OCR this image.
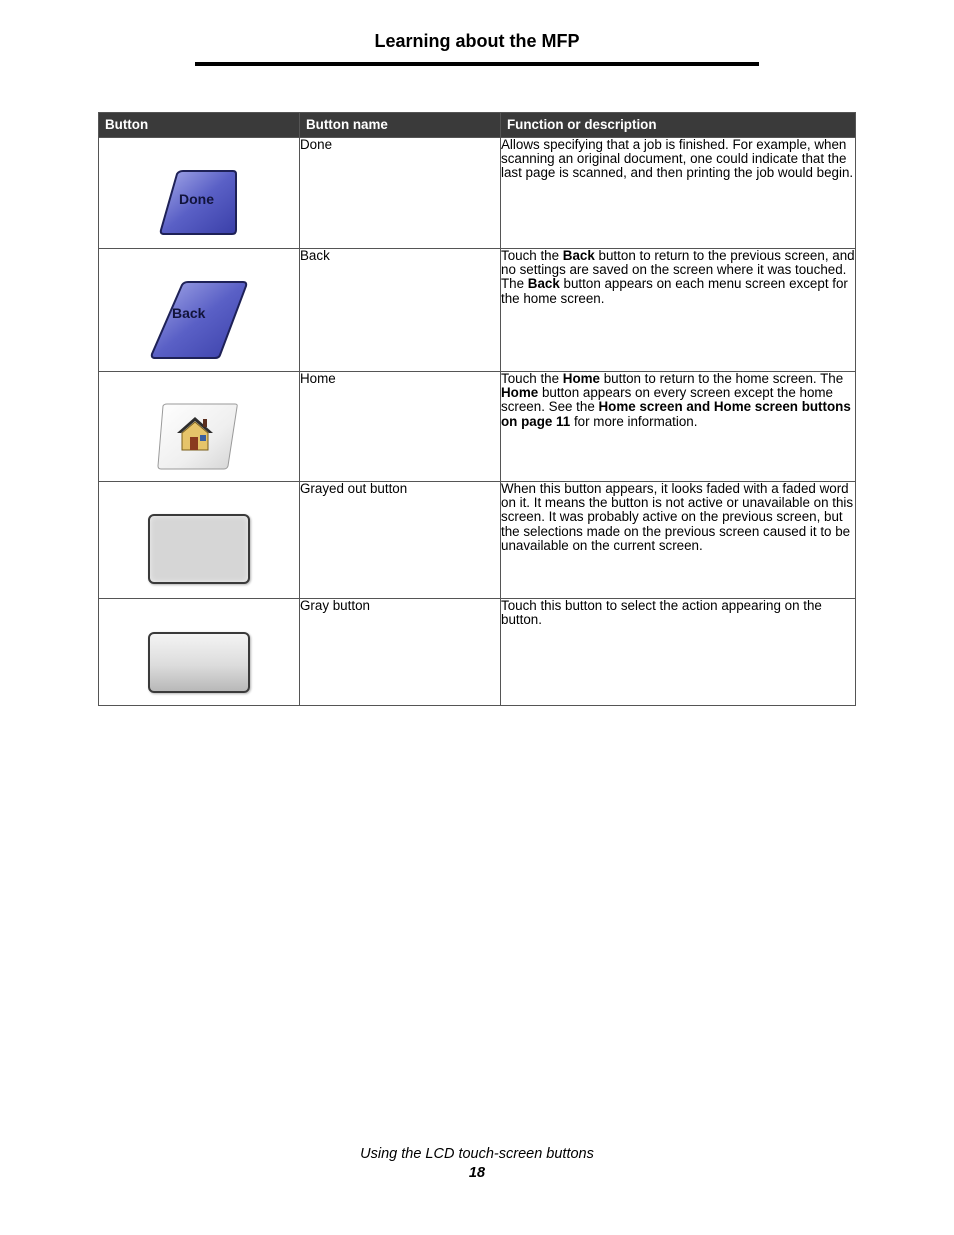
Learning about the MFP
Button	Button name	Function or description

Done	Done	Allows specifying that a job is finished. For example, when scanning an original document, one could indicate that the last page is scanned, and then printing the job would begin.

Back	Back	Touch the Back button to return to the previous screen, and no settings are saved on the screen where it was touched. The Back button appears on each menu screen except for the home screen.

	Home	Touch the Home button to return to the home screen. The Home button appears on every screen except the home screen. See the Home screen and Home screen buttons on page 11 for more information.

	Grayed out button	When this button appears, it looks faded with a faded word on it. It means the button is not active or unavailable on this screen. It was probably active on the previous screen, but the selections made on the previous screen caused it to be unavailable on the current screen.

	Gray button	Touch this button to select the action appearing on the button.
Using the LCD touch-screen buttons
18
